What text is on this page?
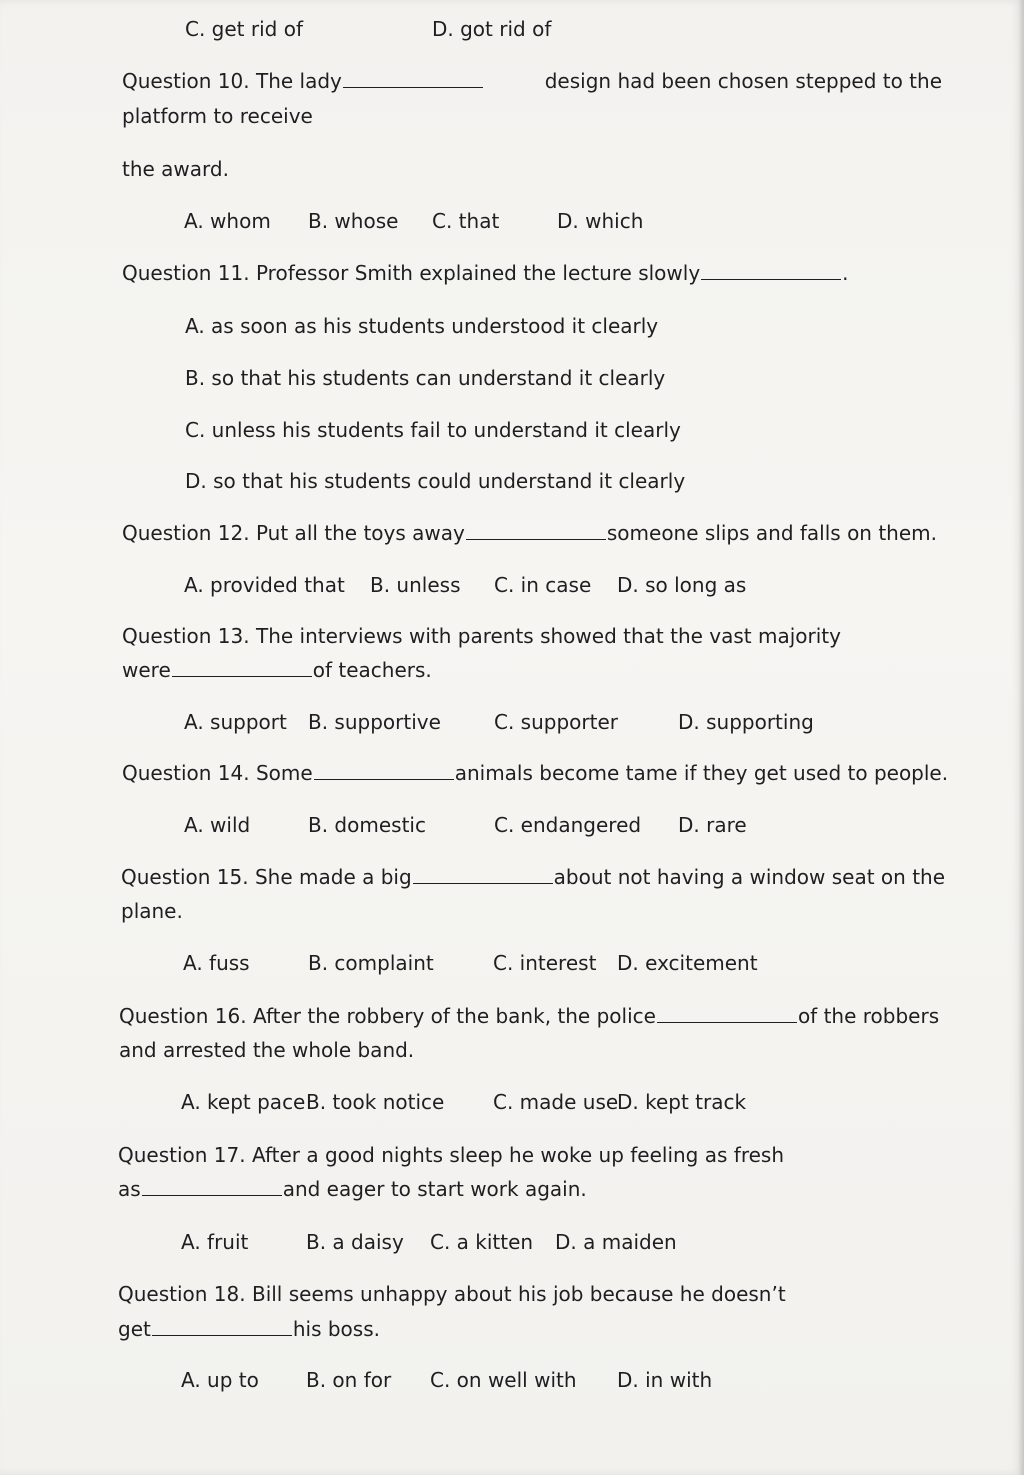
C. get rid of	D. got rid of
Question 10. The lady	design had been chosen stepped to the
platform to receive
the award.
A. whom B. whose C. that	D. which
Question 11. Professor Smith explained the lecture slowly	.
A. as soon as his students understood it clearly
B. so that his students can understand it clearly
C. unless his students fail to understand it clearly
D. so that his students could understand it clearly
Question 12. Put all the toys away	someone slips and falls on them.
A. provided that B. unless C. in case D. so long as
Question 13. The interviews with parents showed that the vast majority
were	of teachers.
A. support B. supportive	C. supporter	D. supporting
Question 14. Some	animals become tame if they get used to people.
A. wild	B. domestic	C. endangered D. rare
Question 15. She made a big	about not having a window seat on the
plane.
A. fuss	B. complaint	C. interest D. excitement
Question 16. After the robbery of the bank, the police	of the robbers
and arrested the whole band.
A. kept pace B. took notice C. made use
D. kept track
Question 17. After a good nights sleep he woke up feeling as fresh
as	and eager to start work again.
A. fruit	B. a daisy C. a kitten D. a maiden
Question 18. Bill seems unhappy about his job because he doesn’t
get	his boss.
A. up to B. on for C. on well with D. in with
